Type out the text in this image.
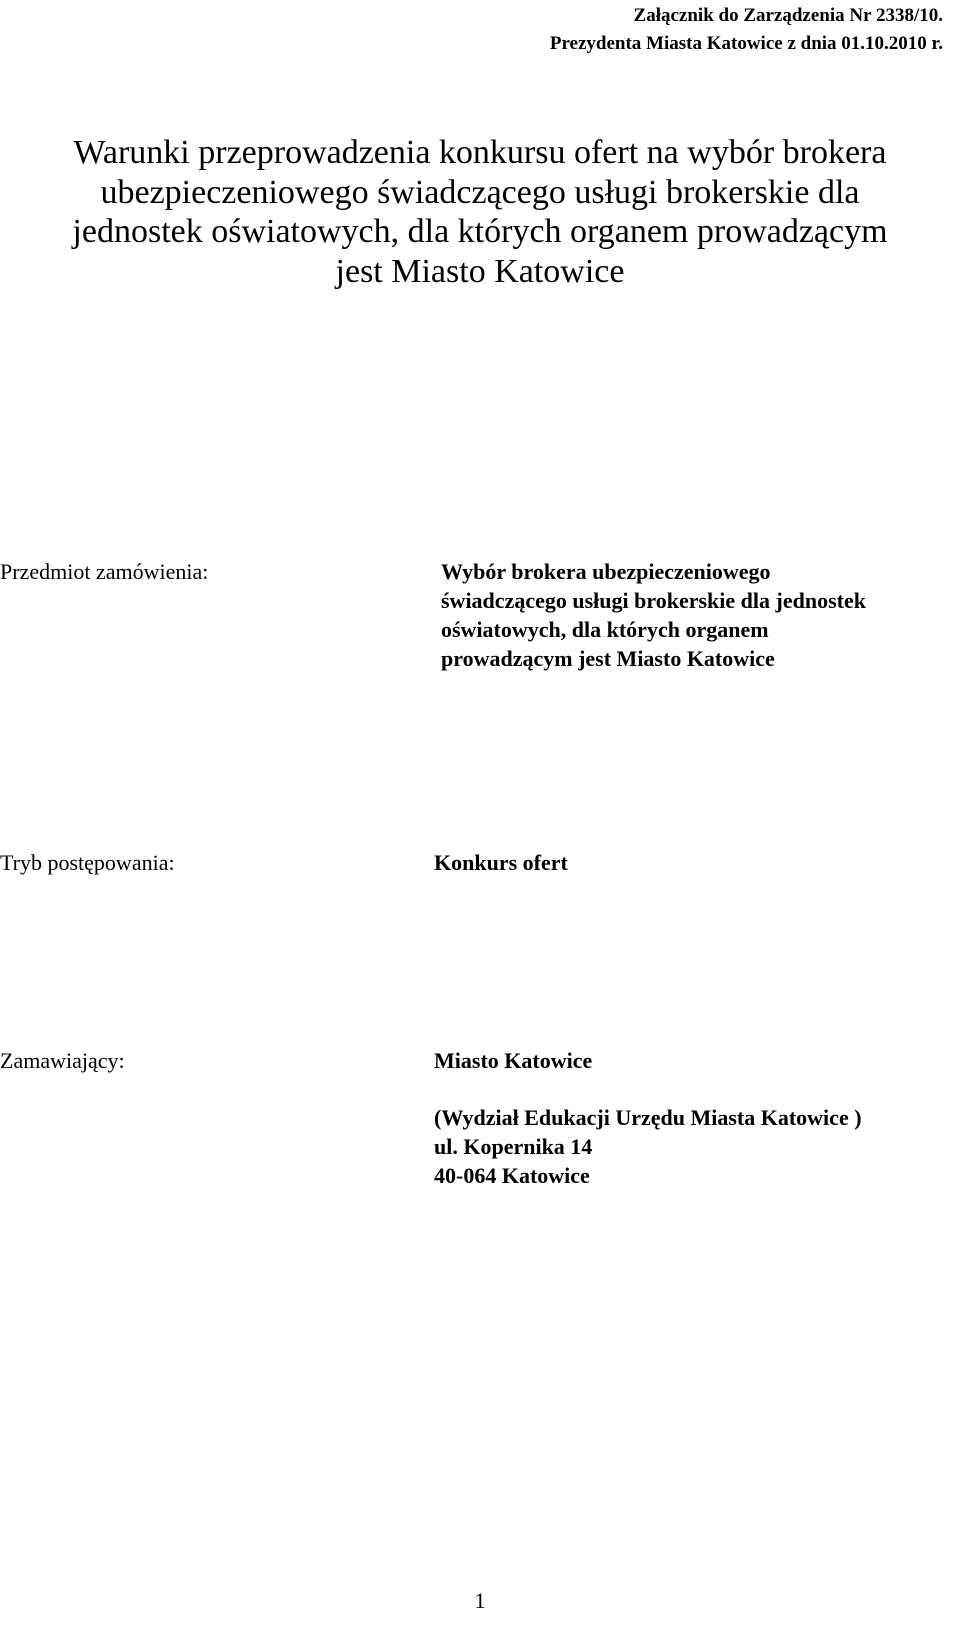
Załącznik do Zarządzenia Nr 2338/10.
Prezydenta Miasta Katowice z dnia 01.10.2010 r.
Warunki przeprowadzenia konkursu ofert na wybór brokera
ubezpieczeniowego świadczącego usługi brokerskie dla
jednostek oświatowych, dla których organem prowadzącym
jest Miasto Katowice
Przedmiot zamówienia:	Wybór brokera ubezpieczeniowego
świadczącego usługi brokerskie dla jednostek
oświatowych, dla których organem
prowadzącym jest Miasto Katowice
Tryb postępowania:	Konkurs ofert
Zamawiający:	Miasto Katowice
(Wydział Edukacji Urzędu Miasta Katowice )
ul. Kopernika 14
40-064 Katowice
1
